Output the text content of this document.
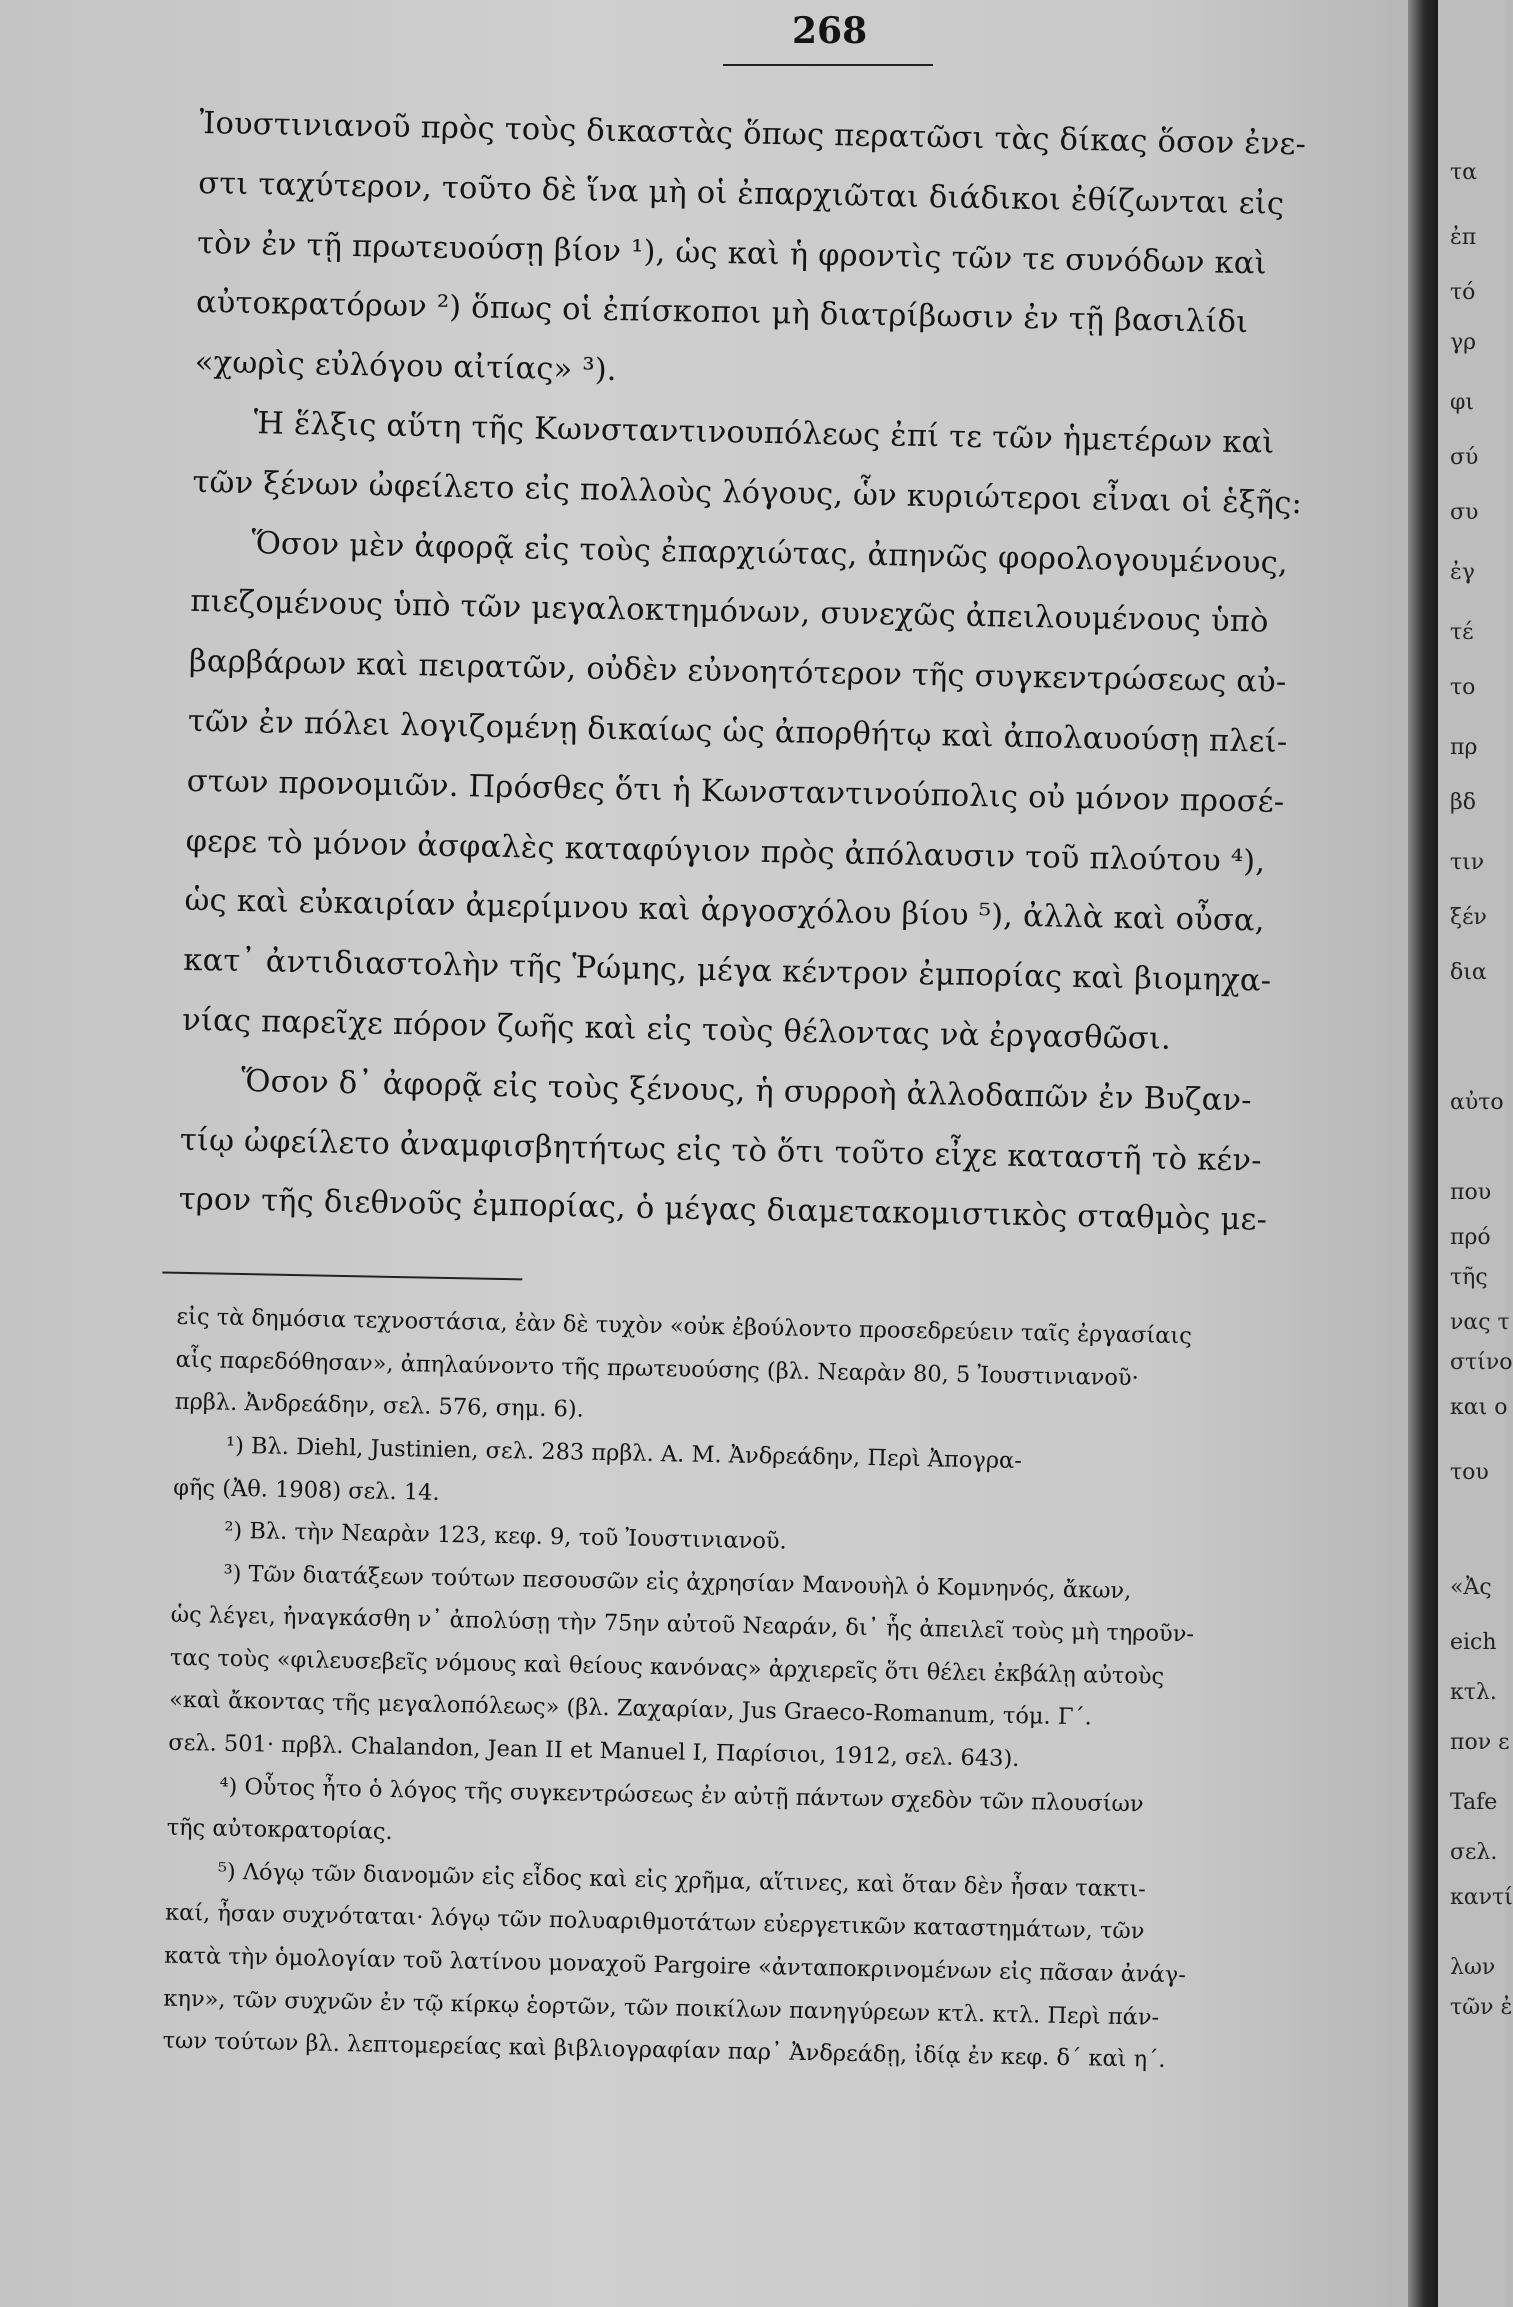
268
Ἰουστινιανοῦ πρὸς τοὺς δικαστὰς ὅπως περατῶσι τὰς δίκας ὅσον ἐνε-
στι ταχύτερον, τοῦτο δὲ ἵνα μὴ οἱ ἐπαρχιῶται διάδικοι ἐθίζωνται εἰς
τὸν ἐν τῇ πρωτευούσῃ βίον ¹), ὡς καὶ ἡ φροντὶς τῶν τε συνόδων καὶ
αὐτοκρατόρων ²) ὅπως οἱ ἐπίσκοποι μὴ διατρίβωσιν ἐν τῇ βασιλίδι
«χωρὶς εὐλόγου αἰτίας» ³).
Ἡ ἕλξις αὕτη τῆς Κωνσταντινουπόλεως ἐπί τε τῶν ἡμετέρων καὶ
τῶν ξένων ὠφείλετο εἰς πολλοὺς λόγους, ὧν κυριώτεροι εἶναι οἱ ἑξῆς:
Ὅσον μὲν ἀφορᾷ εἰς τοὺς ἐπαρχιώτας, ἀπηνῶς φορολογουμένους,
πιεζομένους ὑπὸ τῶν μεγαλοκτημόνων, συνεχῶς ἀπειλουμένους ὑπὸ
βαρβάρων καὶ πειρατῶν, οὐδὲν εὐνοητότερον τῆς συγκεντρώσεως αὐ-
τῶν ἐν πόλει λογιζομένῃ δικαίως ὡς ἀπορθήτῳ καὶ ἀπολαυούσῃ πλεί-
στων προνομιῶν. Πρόσθες ὅτι ἡ Κωνσταντινούπολις οὐ μόνον προσέ-
φερε τὸ μόνον ἀσφαλὲς καταφύγιον πρὸς ἀπόλαυσιν τοῦ πλούτου ⁴),
ὡς καὶ εὐκαιρίαν ἀμερίμνου καὶ ἀργοσχόλου βίου ⁵), ἀλλὰ καὶ οὖσα,
κατ᾿ ἀντιδιαστολὴν τῆς Ῥώμης, μέγα κέντρον ἐμπορίας καὶ βιομηχα-
νίας παρεῖχε πόρον ζωῆς καὶ εἰς τοὺς θέλοντας νὰ ἐργασθῶσι.
Ὅσον δ᾿ ἀφορᾷ εἰς τοὺς ξένους, ἡ συρροὴ ἀλλοδαπῶν ἐν Βυζαν-
τίῳ ὠφείλετο ἀναμφισβητήτως εἰς τὸ ὅτι τοῦτο εἶχε καταστῆ τὸ κέν-
τρον τῆς διεθνοῦς ἐμπορίας, ὁ μέγας διαμετακομιστικὸς σταθμὸς με-
εἰς τὰ δημόσια τεχνοστάσια, ἐὰν δὲ τυχὸν «οὐκ ἐβούλοντο προσεδρεύειν ταῖς ἐργασίαις
αἷς παρεδόθησαν», ἀπηλαύνοντο τῆς πρωτευούσης (βλ. Νεαρὰν 80, 5 Ἰουστινιανοῦ·
πρβλ. Ἀνδρεάδην, σελ. 576, σημ. 6).
¹) Βλ. Diehl, Justinien, σελ. 283 πρβλ. Α. Μ. Ἀνδρεάδην, Περὶ Ἀπογρα-
φῆς (Ἀθ. 1908) σελ. 14.
²) Βλ. τὴν Νεαρὰν 123, κεφ. 9, τοῦ Ἰουστινιανοῦ.
³) Τῶν διατάξεων τούτων πεσουσῶν εἰς ἀχρησίαν Μανουὴλ ὁ Κομνηνός, ἄκων,
ὡς λέγει, ἠναγκάσθη ν᾿ ἀπολύσῃ τὴν 75ην αὐτοῦ Νεαράν, δι᾿ ἧς ἀπειλεῖ τοὺς μὴ τηροῦν-
τας τοὺς «φιλευσεβεῖς νόμους καὶ θείους κανόνας» ἀρχιερεῖς ὅτι θέλει ἐκβάλῃ αὐτοὺς
«καὶ ἄκοντας τῆς μεγαλοπόλεως» (βλ. Ζαχαρίαν, Jus Graeco-Romanum, τόμ. Γ´.
σελ. 501· πρβλ. Chalandon, Jean II et Manuel I, Παρίσιοι, 1912, σελ. 643).
⁴) Οὗτος ἦτο ὁ λόγος τῆς συγκεντρώσεως ἐν αὐτῇ πάντων σχεδὸν τῶν πλουσίων
τῆς αὐτοκρατορίας.
⁵) Λόγῳ τῶν διανομῶν εἰς εἶδος καὶ εἰς χρῆμα, αἵτινες, καὶ ὅταν δὲν ἦσαν τακτι-
καί, ἦσαν συχνόταται· λόγῳ τῶν πολυαριθμοτάτων εὐεργετικῶν καταστημάτων, τῶν
κατὰ τὴν ὁμολογίαν τοῦ λατίνου μοναχοῦ Pargoire «ἀνταποκρινομένων εἰς πᾶσαν ἀνάγ-
κην», τῶν συχνῶν ἐν τῷ κίρκῳ ἑορτῶν, τῶν ποικίλων πανηγύρεων κτλ. κτλ. Περὶ πάν-
των τούτων βλ. λεπτομερείας καὶ βιβλιογραφίαν παρ᾿ Ἀνδρεάδῃ, ἰδίᾳ ἐν κεφ. δ´ καὶ η´.
τα
ἐπ
τό
γρ
φι
σύ
συ
ἐγ
τέ
το
πρ
βδ
τιν
ξέν
δια
αὐτο
που
πρό
τῆς
νας τ
στίνο
και ο
του
«Ἀς
eich
κτλ.
πον ε
Tafe
σελ.
καντί
λων
τῶν ἐ
